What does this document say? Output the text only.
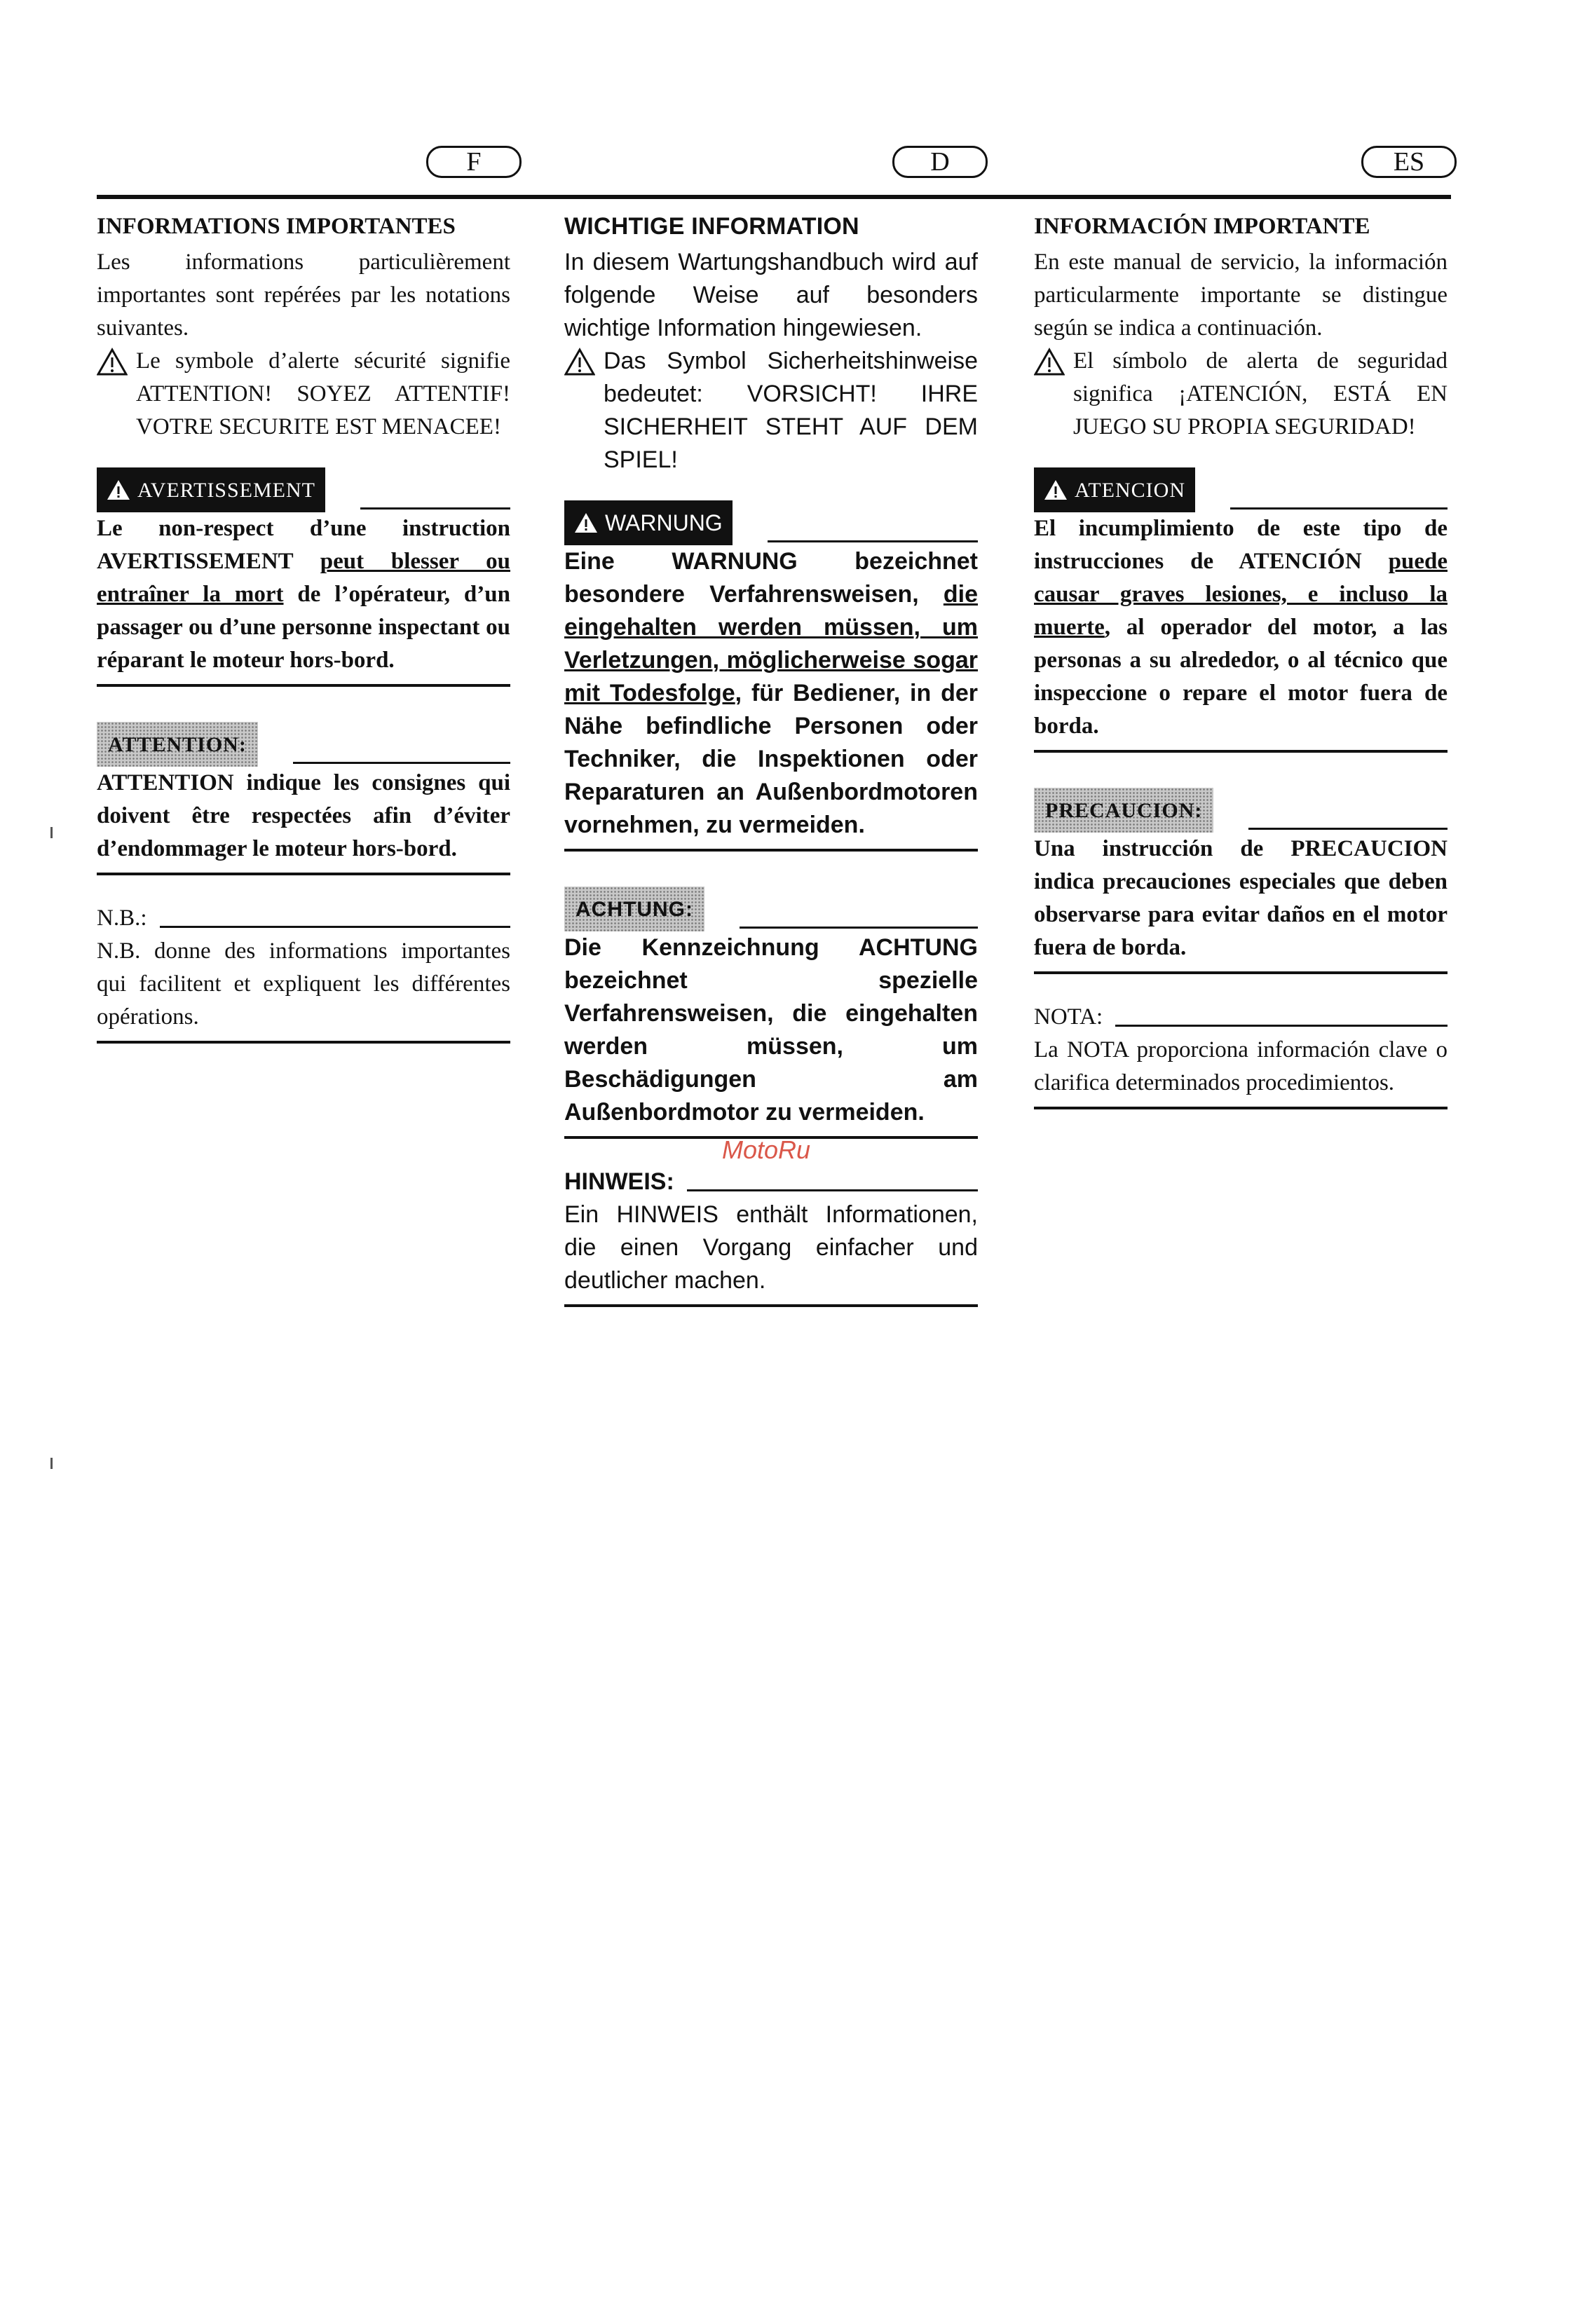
F	D	ES
INFORMATIONS IMPORTANTES

Les informations particulièrement importantes sont repérées par les notations suivantes.

Le symbole d’alerte sécurité signifie ATTENTION! SOYEZ ATTENTIF! VOTRE SECURITE EST MENACEE!
AVERTISSEMENT
Le non-respect d’une instruction AVERTISSEMENT peut blesser ou entraîner la mort de l’opérateur, d’un passager ou d’une personne inspectant ou réparant le moteur hors-bord.
ATTENTION:
ATTENTION indique les consignes qui doivent être respectées afin d’éviter d’endommager le moteur hors-bord.
N.B.:

N.B. donne des informations importantes qui facilitent et expliquent les différentes opérations.

WICHTIGE INFORMATION

In diesem Wartungshandbuch wird auf folgende Weise auf besonders wichtige Information hingewiesen.

Das Symbol Sicherheitshinweise bedeutet: VORSICHT! IHRE SICHERHEIT STEHT AUF DEM SPIEL!
WARNUNG
Eine WARNUNG bezeichnet besondere Verfahrensweisen, die eingehalten werden müssen, um Verletzungen, möglicherweise sogar mit Todesfolge, für Bediener, in der Nähe befindliche Personen oder Techniker, die Inspektionen oder Reparaturen an Außenbordmotoren vornehmen, zu vermeiden.
ACHTUNG:
Die Kennzeichnung ACHTUNG bezeichnet spezielle Verfahrensweisen, die eingehalten werden müssen, um Beschädigungen am Außenbordmotor zu vermeiden.
HINWEIS:

Ein HINWEIS enthält Informationen, die einen Vorgang einfacher und deutlicher machen.

INFORMACIÓN IMPORTANTE

En este manual de servicio, la información particularmente importante se distingue según se indica a continuación.

El símbolo de alerta de seguridad significa ¡ATENCIÓN, ESTÁ EN JUEGO SU PROPIA SEGURIDAD!
ATENCION
El incumplimiento de este tipo de instrucciones de ATENCIÓN puede causar graves lesiones, e incluso la muerte, al operador del motor, a las personas a su alrededor, o al técnico que inspeccione o repare el motor fuera de borda.
PRECAUCION:
Una instrucción de PRECAUCION indica precauciones especiales que deben observarse para evitar daños en el motor fuera de borda.
NOTA:

La NOTA proporciona información clave o clarifica determinados procedimientos.

MotoRu
